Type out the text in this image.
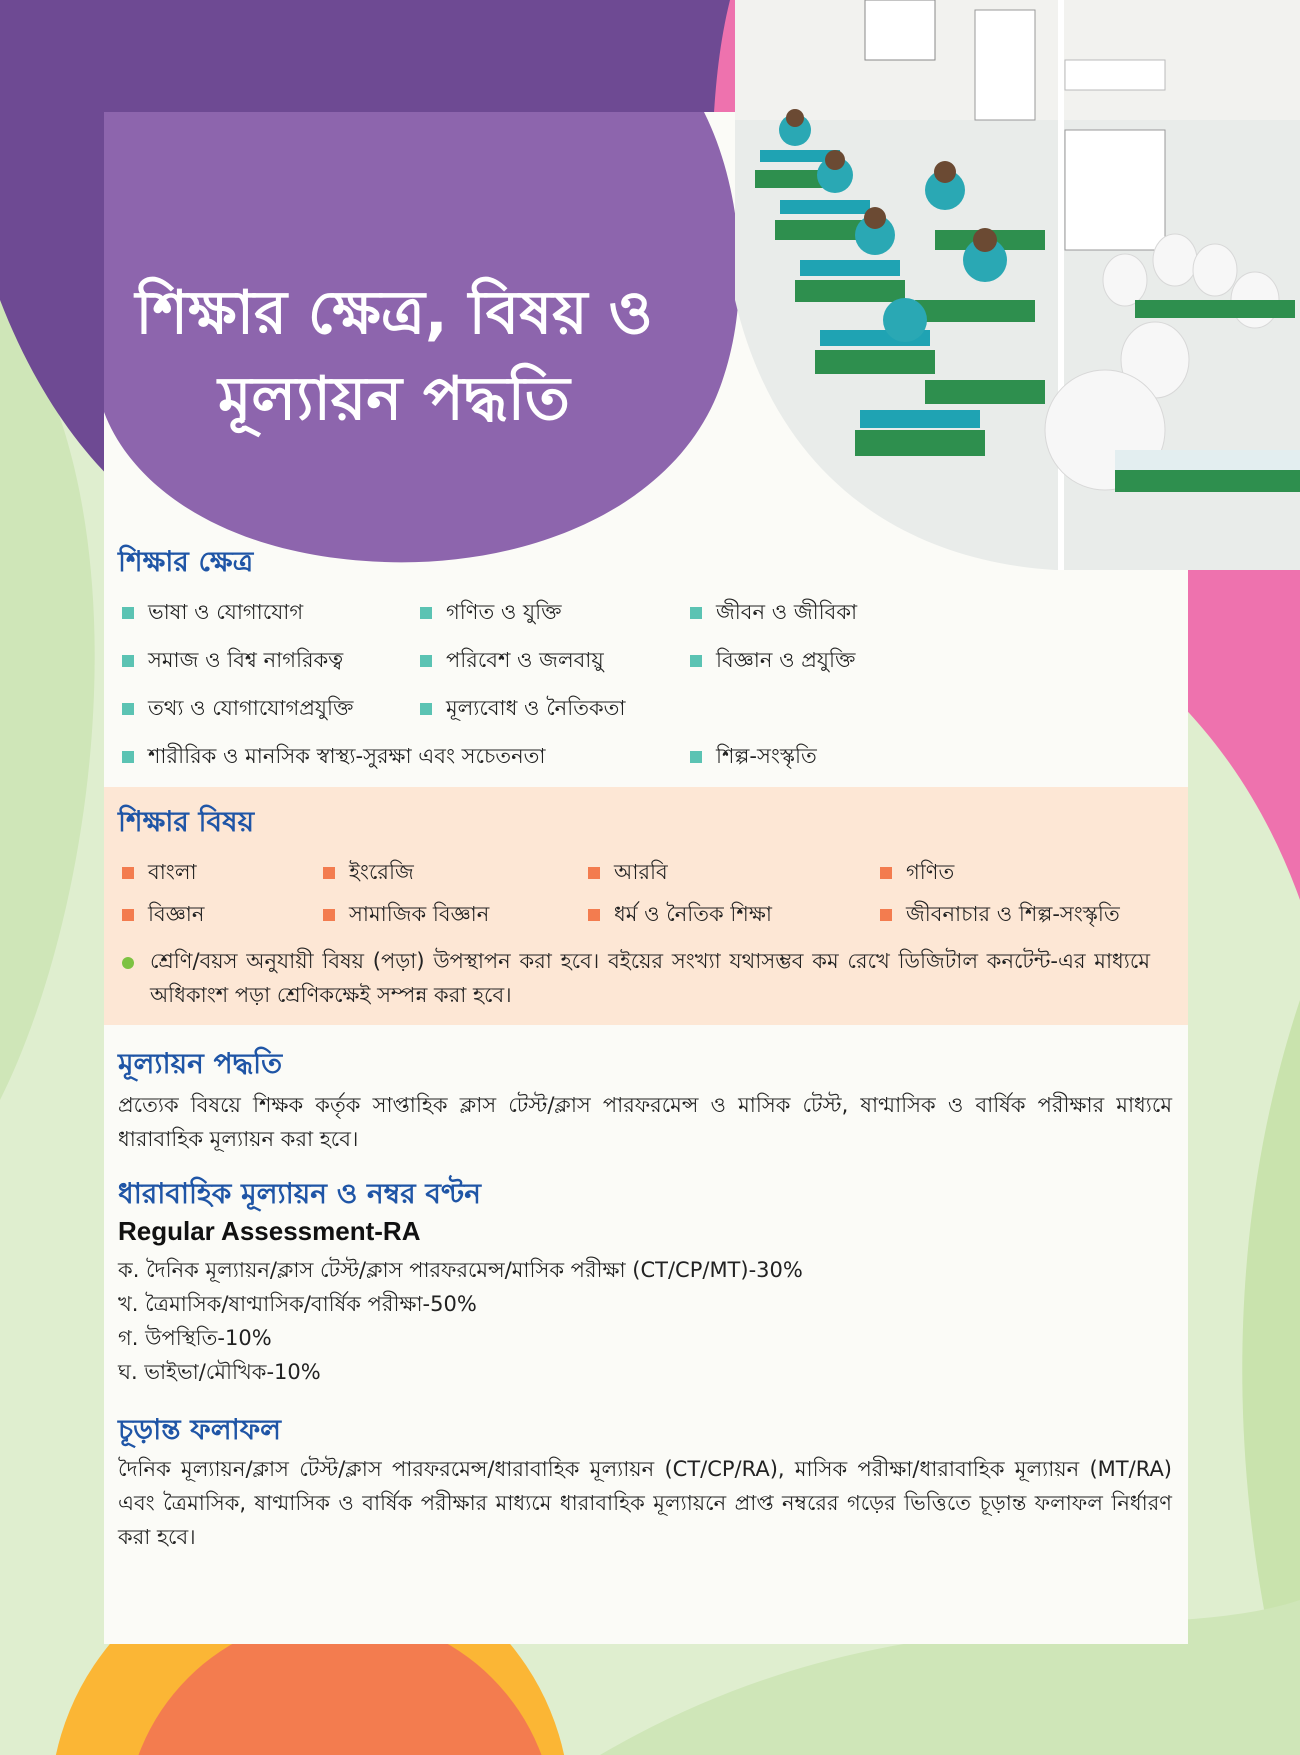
শিক্ষার ক্ষেত্র, বিষয় ও
মূল্যায়ন পদ্ধতি
শিক্ষার ক্ষেত্র
ভাষা ও যোগাযোগ	গণিত ও যুক্তি	জীবন ও জীবিকা
সমাজ ও বিশ্ব নাগরিকত্ব	পরিবেশ ও জলবায়ু	বিজ্ঞান ও প্রযুক্তি
তথ্য ও যোগাযোগপ্রযুক্তি	মূল্যবোধ ও নৈতিকতা
শারীরিক ও মানসিক স্বাস্থ্য-সুরক্ষা এবং সচেতনতা	শিল্প-সংস্কৃতি
শিক্ষার বিষয়
বাংলা	ইংরেজি	আরবি	গণিত
বিজ্ঞান	সামাজিক বিজ্ঞান	ধর্ম ও নৈতিক শিক্ষা	জীবনাচার ও শিল্প-সংস্কৃতি
শ্রেণি/বয়স অনুযায়ী বিষয় (পড়া) উপস্থাপন করা হবে। বইয়ের সংখ্যা যথাসম্ভব কম রেখে ডিজিটাল কনটেন্ট-এর মাধ্যমে অধিকাংশ পড়া শ্রেণিকক্ষেই সম্পন্ন করা হবে।
মূল্যায়ন পদ্ধতি
প্রত্যেক বিষয়ে শিক্ষক কর্তৃক সাপ্তাহিক ক্লাস টেস্ট/ক্লাস পারফরমেন্স ও মাসিক টেস্ট, ষাণ্মাসিক ও বার্ষিক পরীক্ষার মাধ্যমে ধারাবাহিক মূল্যায়ন করা হবে।
ধারাবাহিক মূল্যায়ন ও নম্বর বণ্টন
Regular Assessment-RA
ক. দৈনিক মূল্যায়ন/ক্লাস টেস্ট/ক্লাস পারফরমেন্স/মাসিক পরীক্ষা (CT/CP/MT)-30%
খ. ত্রৈমাসিক/ষাণ্মাসিক/বার্ষিক পরীক্ষা-50%
গ. উপস্থিতি-10%
ঘ. ভাইভা/মৌখিক-10%
চূড়ান্ত ফলাফল
দৈনিক মূল্যায়ন/ক্লাস টেস্ট/ক্লাস পারফরমেন্স/ধারাবাহিক মূল্যায়ন (CT/CP/RA), মাসিক পরীক্ষা/ধারাবাহিক মূল্যায়ন (MT/RA) এবং ত্রৈমাসিক, ষাণ্মাসিক ও বার্ষিক পরীক্ষার মাধ্যমে ধারাবাহিক মূল্যায়নে প্রাপ্ত নম্বরের গড়ের ভিত্তিতে চূড়ান্ত ফলাফল নির্ধারণ করা হবে।
